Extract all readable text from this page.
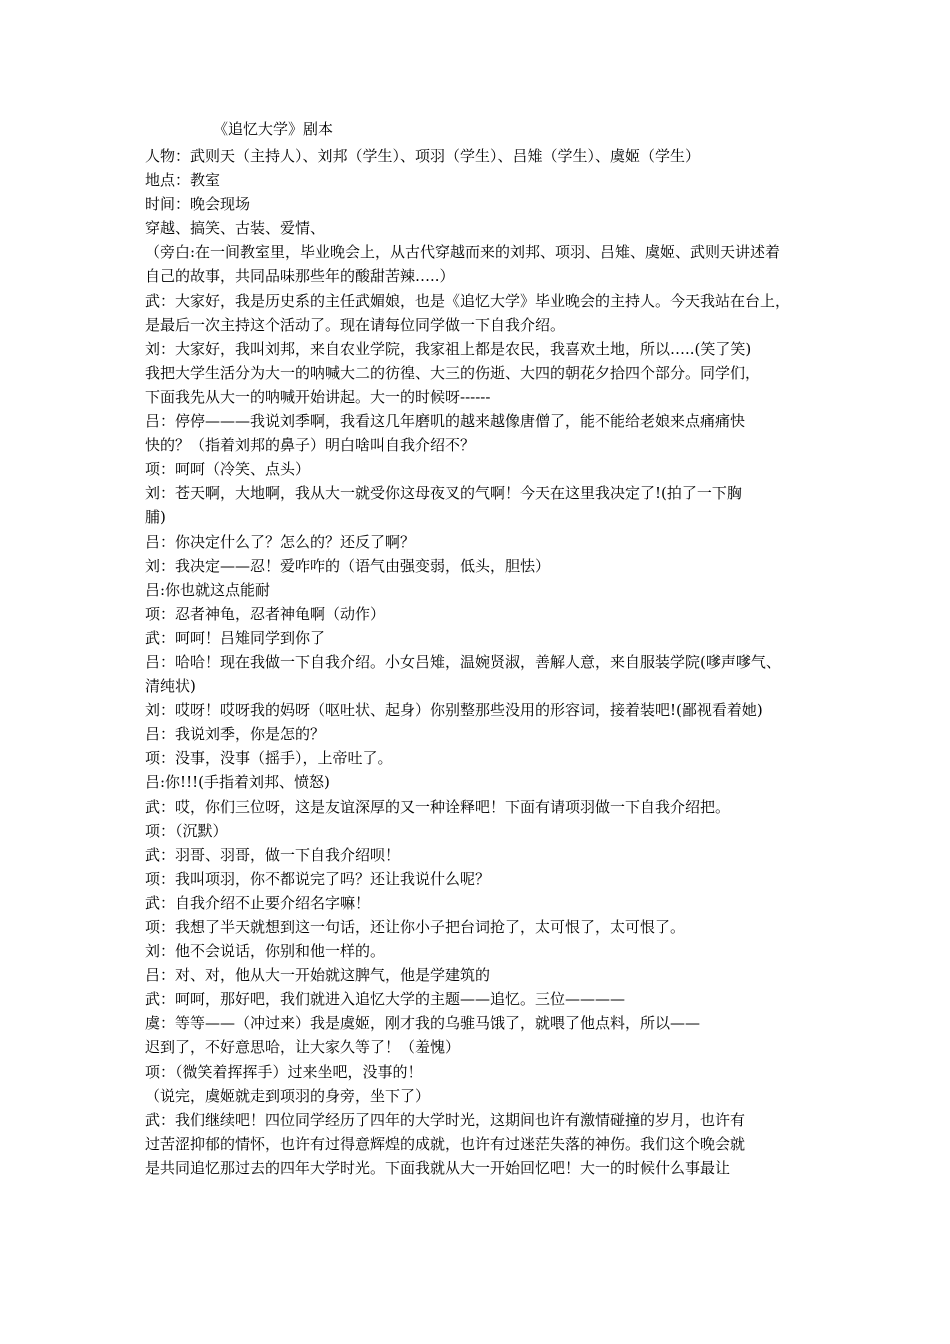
《追忆大学》剧本
人物：武则天（主持人）、刘邦（学生）、项羽（学生）、吕雉（学生）、虞姬（学生）
地点：教室
时间：晚会现场
穿越、搞笑、古装、爱情、
（旁白:在一间教室里，毕业晚会上，从古代穿越而来的刘邦、项羽、吕雉、虞姬、武则天讲述着
自己的故事，共同品味那些年的酸甜苦辣…..）
武：大家好，我是历史系的主任武媚娘，也是《追忆大学》毕业晚会的主持人。今天我站在台上，
是最后一次主持这个活动了。现在请每位同学做一下自我介绍。
刘：大家好，我叫刘邦，来自农业学院，我家祖上都是农民，我喜欢土地，所以…..(笑了笑)
我把大学生活分为大一的呐喊大二的彷徨、大三的伤逝、大四的朝花夕拾四个部分。同学们，
下面我先从大一的呐喊开始讲起。大一的时候呀------
吕：停停———我说刘季啊，我看这几年磨叽的越来越像唐僧了，能不能给老娘来点痛痛快
快的？（指着刘邦的鼻子）明白啥叫自我介绍不？
项：呵呵（冷笑、点头）
刘：苍天啊，大地啊，我从大一就受你这母夜叉的气啊！今天在这里我决定了!(拍了一下胸
脯)
吕：你决定什么了？怎么的？还反了啊？
刘：我决定——忍！爱咋咋的（语气由强变弱，低头，胆怯）
吕:你也就这点能耐
项：忍者神龟，忍者神龟啊（动作）
武：呵呵！吕雉同学到你了
吕：哈哈！现在我做一下自我介绍。小女吕雉，温婉贤淑，善解人意，来自服装学院(嗲声嗲气、
清纯状)
刘：哎呀！哎呀我的妈呀（呕吐状、起身）你别整那些没用的形容词，接着装吧!(鄙视看着她)
吕：我说刘季，你是怎的？
项：没事，没事（摇手），上帝吐了。
吕:你!!!(手指着刘邦、愤怒)
武：哎，你们三位呀，这是友谊深厚的又一种诠释吧！下面有请项羽做一下自我介绍把。
项：（沉默）
武：羽哥、羽哥，做一下自我介绍呗！
项：我叫项羽，你不都说完了吗？还让我说什么呢？
武：自我介绍不止要介绍名字嘛！
项：我想了半天就想到这一句话，还让你小子把台词抢了，太可恨了，太可恨了。
刘：他不会说话，你别和他一样的。
吕：对、对，他从大一开始就这脾气，他是学建筑的
武：呵呵，那好吧，我们就进入追忆大学的主题——追忆。三位————
虞：等等——（冲过来）我是虞姬，刚才我的乌骓马饿了，就喂了他点料，所以——
迟到了，不好意思哈，让大家久等了！（羞愧）
项：（微笑着挥挥手）过来坐吧，没事的！
（说完，虞姬就走到项羽的身旁，坐下了）
武：我们继续吧！四位同学经历了四年的大学时光，这期间也许有激情碰撞的岁月，也许有
过苦涩抑郁的情怀，也许有过得意辉煌的成就，也许有过迷茫失落的神伤。我们这个晚会就
是共同追忆那过去的四年大学时光。下面我就从大一开始回忆吧！大一的时候什么事最让
